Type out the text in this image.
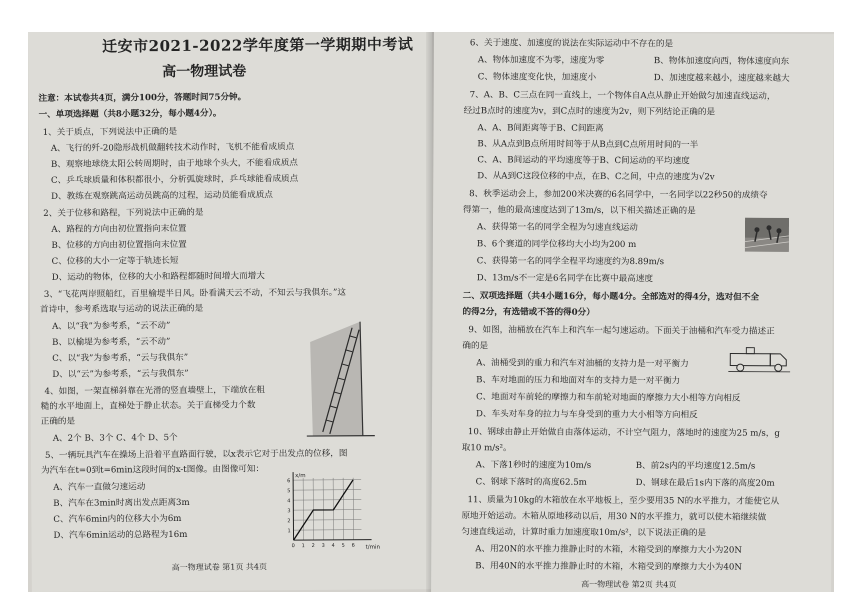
迁安市2021-2022学年度第一学期期中考试
高一物理试卷
注意：本试卷共4页，满分100分，答题时间75分钟。
一、单项选择题（共8小题32分，每小题4分）。
1、关于质点，下列说法中正确的是
A、飞行的歼-20隐形战机做翻转技术动作时，飞机不能看成质点
B、观察地球绕太阳公转周期时，由于地球个头大，不能看成质点
C、乒乓球质量和体积都很小，分析弧旋球时，乒乓球能看成质点
D、教练在观察跳高运动员跳高的过程，运动员能看成质点
2、关于位移和路程，下列说法中正确的是
A、路程的方向由初位置指向末位置
B、位移的方向由初位置指向末位置
C、位移的大小一定等于轨迹长短
D、运动的物体，位移的大小和路程都随时间增大而增大
3、“飞花两岸照船红，百里榆堤半日风。卧看满天云不动，不知云与我俱东。”这
首诗中，参考系选取与运动的说法正确的是
A、以“我”为参考系，“云不动”
B、以榆堤为参考系，“云不动”
C、以“我”为参考系，“云与我俱东”
D、以“云”为参考系，“云与我俱东”
4、如图，一架直梯斜靠在光滑的竖直墙壁上，下端放在粗
糙的水平地面上，直梯处于静止状态。关于直梯受力个数
正确的是
A、2个 B、3个 C、4个 D、5个
5、一辆玩具汽车在操场上沿着平直路面行驶，以x表示它对于出发点的位移，图
为汽车在t=0到t=6min这段时间的x-t图像。由图像可知：
A、汽车一直做匀速运动
B、汽车在3min时离出发点距离3m
C、汽车6min内的位移大小为6m
D、汽车6min运动的总路程为16m
x/m
t/min
6
5
4
3
2
1
0 1 2 3 4 5 6
高一物理试卷 第1页 共4页
6、关于速度、加速度的说法在实际运动中不存在的是
A、物体加速度不为零，速度为零	B、物体加速度向西，物体速度向东
C、物体速度变化快，加速度小	D、加速度越来越小，速度越来越大
7、A、B、C三点在同一直线上，一个物体自A点从静止开始做匀加速直线运动，
经过B点时的速度为v，到C点时的速度为2v，则下列结论正确的是
A、A、B间距离等于B、C间距离
B、从A点到B点所用时间等于从B点到C点所用时间的一半
C、A、B间运动的平均速度等于B、C间运动的平均速度
D、从A到C这段位移的中点，在B、C之间，中点的速度为√2v
8、秋季运动会上，参加200米决赛的6名同学中，一名同学以22秒50的成绩夺
得第一，他的最高速度达到了13m/s，以下相关描述正确的是
A、获得第一名的同学全程为匀速直线运动
B、6个赛道的同学位移均大小均为200 m
C、获得第一名的同学全程平均速度约为8.89m/s
D、13m/s不一定是6名同学在比赛中最高速度
二、双项选择题（共4小题16分，每小题4分。全部选对的得4分，选对但不全
的得2分，有选错或不答的得0分）
9、如图，油桶放在汽车上和汽车一起匀速运动。下面关于油桶和汽车受力描述正
确的是
A、油桶受到的重力和汽车对油桶的支持力是一对平衡力
B、车对地面的压力和地面对车的支持力是一对平衡力
C、地面对车前轮的摩擦力和车前轮对地面的摩擦力大小相等方向相反
D、车头对车身的拉力与车身受到的重力大小相等方向相反
10、钢球由静止开始做自由落体运动，不计空气阻力，落地时的速度为25 m/s，g
取10 m/s²。
A、下落1秒时的速度为10m/s	B、前2s内的平均速度12.5m/s
C、钢球下落时的高度62.5m	D、钢球在最后1s内下落的高度20m
11、质量为10kg的木箱放在水平地板上，至少要用35 N的水平推力，才能使它从
原地开始运动。木箱从原地移动以后，用30 N的水平推力，就可以使木箱继续做
匀速直线运动，计算时重力加速度取10m/s²，以下说法正确的是
A、用20N的水平推力推静止时的木箱，木箱受到的摩擦力大小为20N
B、用40N的水平推力推静止时的木箱，木箱受到的摩擦力大小为40N
高一物理试卷 第2页 共4页
